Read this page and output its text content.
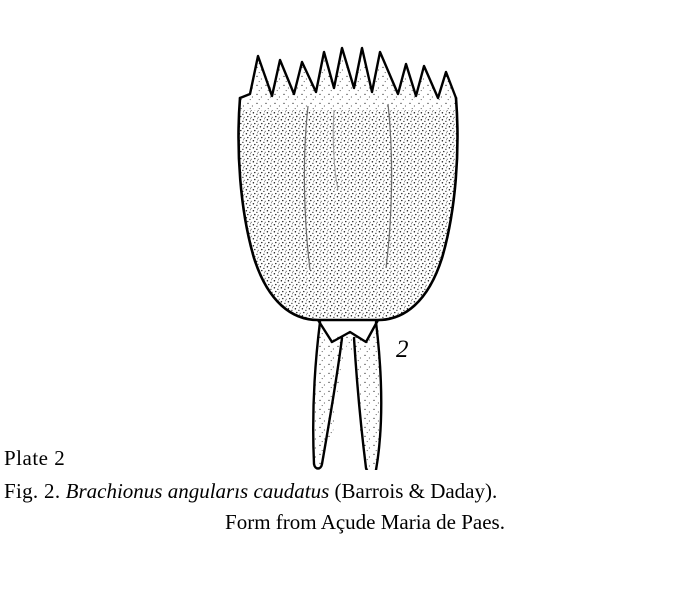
2
Plate 2
Fig. 2. Brachionus angularıs caudatus (Barrois & Daday).
Form from Açude Maria de Paes.
